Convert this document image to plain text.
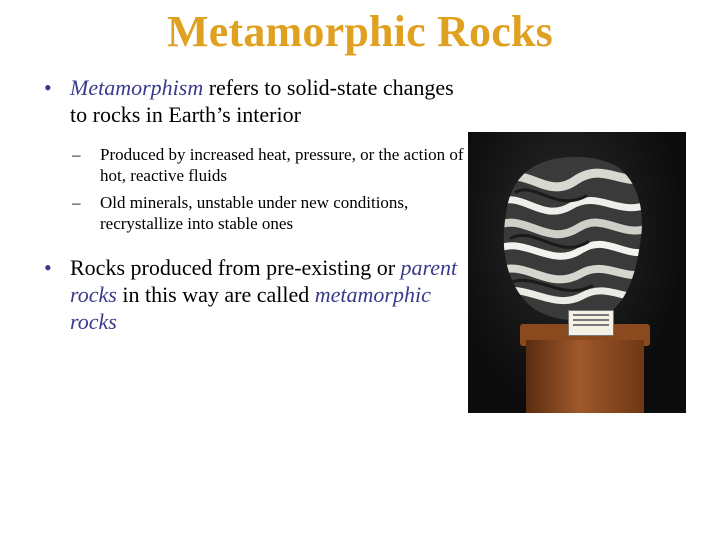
Metamorphic Rocks
• Metamorphism refers to solid-state changes to rocks in Earth’s interior
– Produced by increased heat, pressure, or the action of hot, reactive fluids
– Old minerals, unstable under new conditions, recrystallize into stable ones
• Rocks produced from pre-existing or parent rocks in this way are called metamorphic rocks
